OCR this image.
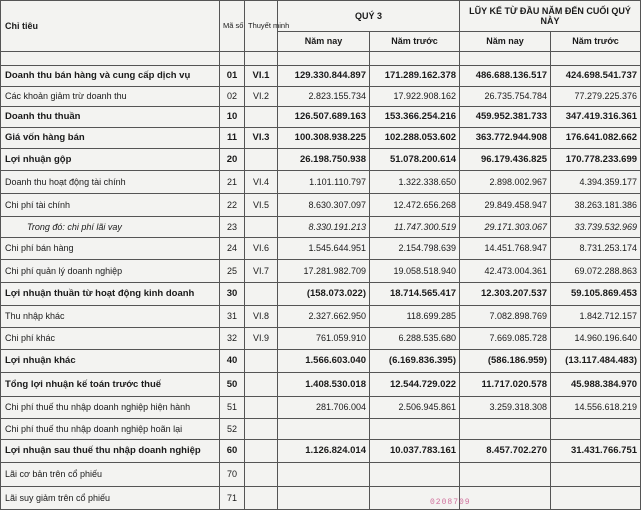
Chỉ tiêu	Mã số	Thuyết minh	QUÝ 3		LŨY KẾ TỪ ĐẦU NĂM ĐẾN CUỐI QUÝ NÀY	
			Năm nay	Năm trước	Năm nay	Năm trước

Doanh thu bán hàng và cung cấp dịch vụ	01	VI.1	129.330.844.897	171.289.162.378	486.688.136.517	424.698.541.737
Các khoản giảm trừ doanh thu	02	VI.2	2.823.155.734	17.922.908.162	26.735.754.784	77.279.225.376
Doanh thu thuần	10		126.507.689.163	153.366.254.216	459.952.381.733	347.419.316.361
Giá vốn hàng bán	11	VI.3	100.308.938.225	102.288.053.602	363.772.944.908	176.641.082.662
Lợi nhuận gộp	20		26.198.750.938	51.078.200.614	96.179.436.825	170.778.233.699
Doanh thu hoạt động tài chính	21	VI.4	1.101.110.797	1.322.338.650	2.898.002.967	4.394.359.177
Chi phí tài chính	22	VI.5	8.630.307.097	12.472.656.268	29.849.458.947	38.263.181.386
Trong đó: chi phí lãi vay	23		8.330.191.213	11.747.300.519	29.171.303.067	33.739.532.969
Chi phí bán hàng	24	VI.6	1.545.644.951	2.154.798.639	14.451.768.947	8.731.253.174
Chi phí quản lý doanh nghiệp	25	VI.7	17.281.982.709	19.058.518.940	42.473.004.361	69.072.288.863
Lợi nhuận thuần từ hoạt động kinh doanh	30		(158.073.022)	18.714.565.417	12.303.207.537	59.105.869.453
Thu nhập khác	31	VI.8	2.327.662.950	118.699.285	7.082.898.769	1.842.712.157
Chi phí khác	32	VI.9	761.059.910	6.288.535.680	7.669.085.728	14.960.196.640
Lợi nhuận khác	40		1.566.603.040	(6.169.836.395)	(586.186.959)	(13.117.484.483)
Tổng lợi nhuận kế toán trước thuế	50		1.408.530.018	12.544.729.022	11.717.020.578	45.988.384.970
Chi phí thuế thu nhập doanh nghiệp hiện hành	51		281.706.004	2.506.945.861	3.259.318.308	14.556.618.219
Chi phí thuế thu nhập doanh nghiệp hoãn lại	52					
Lợi nhuận sau thuế thu nhập doanh nghiệp	60		1.126.824.014	10.037.783.161	8.457.702.270	31.431.766.751
Lãi cơ bản trên cổ phiếu	70					
Lãi suy giảm trên cổ phiếu	71						0208709
